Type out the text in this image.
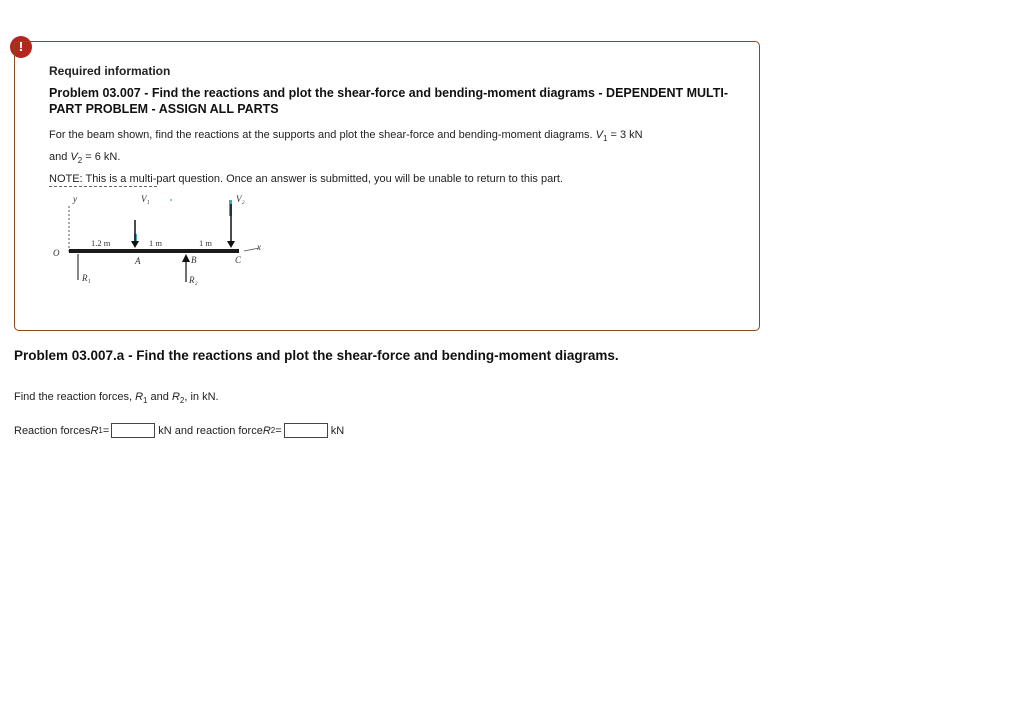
!
Required information
Problem 03.007 - Find the reactions and plot the shear-force and bending-moment diagrams - DEPENDENT MULTI-PART PROBLEM - ASSIGN ALL PARTS
For the beam shown, find the reactions at the supports and plot the shear-force and bending-moment diagrams. $V_1 = 3$ kN
and $V_2 = 6$ kN.
NOTE: This is a multi-part question. Once an answer is submitted, you will be unable to return to this part.
y
x
O
1.2 m	1 m	1 m
V₁	V₂
A	B	C
R₁	R₂
Problem 03.007.a - Find the reactions and plot the shear-force and bending-moment diagrams.
Find the reaction forces, $R_1$ and $R_2$, in kN.
Reaction forces R 1 =	kN and reaction force R 2 =	kN
